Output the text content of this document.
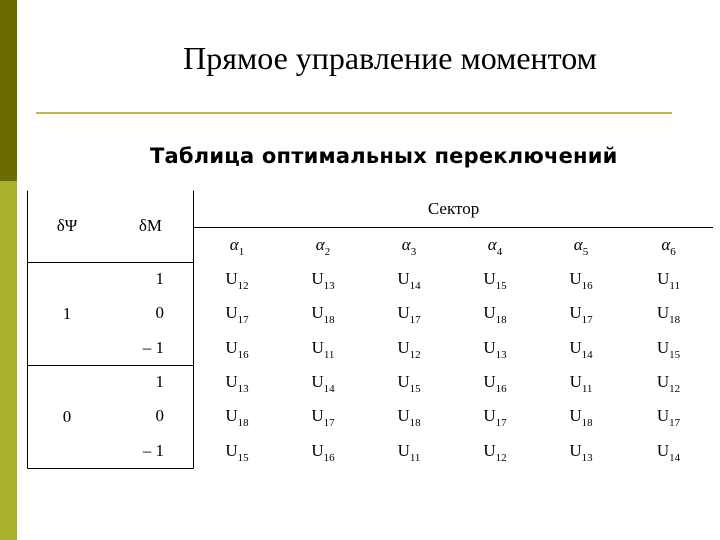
Прямое управление моментом
Таблица оптимальных переключений
δΨ	δM	Сектор					
		$\alpha_1$	$\alpha_2$	$\alpha_3$	$\alpha_4$	$\alpha_5$	$\alpha_6$
1	1	$U_{12}$	$U_{13}$	$U_{14}$	$U_{15}$	$U_{16}$	$U_{11}$
	0	$U_{17}$	$U_{18}$	$U_{17}$	$U_{18}$	$U_{17}$	$U_{18}$
	– 1	$U_{16}$	$U_{11}$	$U_{12}$	$U_{13}$	$U_{14}$	$U_{15}$
0	1	$U_{13}$	$U_{14}$	$U_{15}$	$U_{16}$	$U_{11}$	$U_{12}$
	0	$U_{18}$	$U_{17}$	$U_{18}$	$U_{17}$	$U_{18}$	$U_{17}$
	– 1	$U_{15}$	$U_{16}$	$U_{11}$	$U_{12}$	$U_{13}$	$U_{14}$
